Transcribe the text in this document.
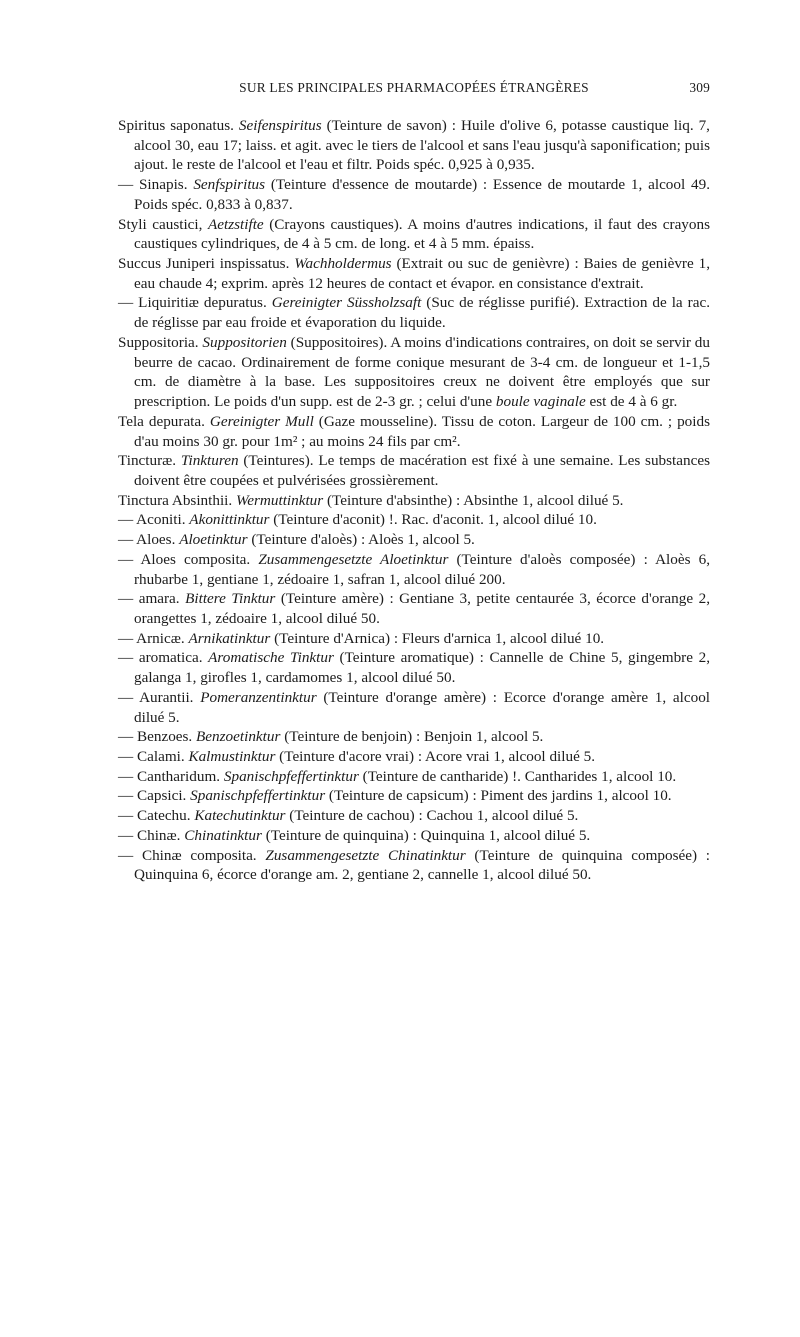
SUR LES PRINCIPALES PHARMACOPÉES ÉTRANGÈRES	309

Spiritus saponatus. Seifenspiritus (Teinture de savon) : Huile d'olive 6, potasse caustique liq. 7, alcool 30, eau 17; laiss. et agit. avec le tiers de l'alcool et sans l'eau jusqu'à saponification; puis ajout. le reste de l'alcool et l'eau et filtr. Poids spéc. 0,925 à 0,935.

— Sinapis. Senfspiritus (Teinture d'essence de moutarde) : Essence de moutarde 1, alcool 49. Poids spéc. 0,833 à 0,837.

Styli caustici, Aetzstifte (Crayons caustiques). A moins d'autres indications, il faut des crayons caustiques cylindriques, de 4 à 5 cm. de long. et 4 à 5 mm. épaiss.

Succus Juniperi inspissatus. Wachholdermus (Extrait ou suc de genièvre) : Baies de genièvre 1, eau chaude 4; exprim. après 12 heures de contact et évapor. en consistance d'extrait.

— Liquiritiæ depuratus. Gereinigter Süssholzsaft (Suc de réglisse purifié). Extraction de la rac. de réglisse par eau froide et évaporation du liquide.

Suppositoria. Suppositorien (Suppositoires). A moins d'indications contraires, on doit se servir du beurre de cacao. Ordinairement de forme conique mesurant de 3-4 cm. de longueur et 1-1,5 cm. de diamètre à la base. Les suppositoires creux ne doivent être employés que sur prescription. Le poids d'un supp. est de 2-3 gr. ; celui d'une boule vaginale est de 4 à 6 gr.

Tela depurata. Gereinigter Mull (Gaze mousseline). Tissu de coton. Largeur de 100 cm. ; poids d'au moins 30 gr. pour 1m² ; au moins 24 fils par cm².

Tincturæ. Tinkturen (Teintures). Le temps de macération est fixé à une semaine. Les substances doivent être coupées et pulvérisées grossièrement.

Tinctura Absinthii. Wermuttinktur (Teinture d'absinthe) : Absinthe 1, alcool dilué 5.

— Aconiti. Akonittinktur (Teinture d'aconit) !. Rac. d'aconit. 1, alcool dilué 10.

— Aloes. Aloetinktur (Teinture d'aloès) : Aloès 1, alcool 5.

— Aloes composita. Zusammengesetzte Aloetinktur (Teinture d'aloès composée) : Aloès 6, rhubarbe 1, gentiane 1, zédoaire 1, safran 1, alcool dilué 200.

— amara. Bittere Tinktur (Teinture amère) : Gentiane 3, petite centaurée 3, écorce d'orange 2, orangettes 1, zédoaire 1, alcool dilué 50.

— Arnicæ. Arnikatinktur (Teinture d'Arnica) : Fleurs d'arnica 1, alcool dilué 10.

— aromatica. Aromatische Tinktur (Teinture aromatique) : Cannelle de Chine 5, gingembre 2, galanga 1, girofles 1, cardamomes 1, alcool dilué 50.

— Aurantii. Pomeranzentinktur (Teinture d'orange amère) : Ecorce d'orange amère 1, alcool dilué 5.

— Benzoes. Benzoetinktur (Teinture de benjoin) : Benjoin 1, alcool 5.

— Calami. Kalmustinktur (Teinture d'acore vrai) : Acore vrai 1, alcool dilué 5.

— Cantharidum. Spanischpfeffertinktur (Teinture de cantharide) !. Cantharides 1, alcool 10.

— Capsici. Spanischpfeffertinktur (Teinture de capsicum) : Piment des jardins 1, alcool 10.

— Catechu. Katechutinktur (Teinture de cachou) : Cachou 1, alcool dilué 5.

— Chinæ. Chinatinktur (Teinture de quinquina) : Quinquina 1, alcool dilué 5.

— Chinæ composita. Zusammengesetzte Chinatinktur (Teinture de quinquina composée) : Quinquina 6, écorce d'orange am. 2, gentiane 2, cannelle 1, alcool dilué 50.
